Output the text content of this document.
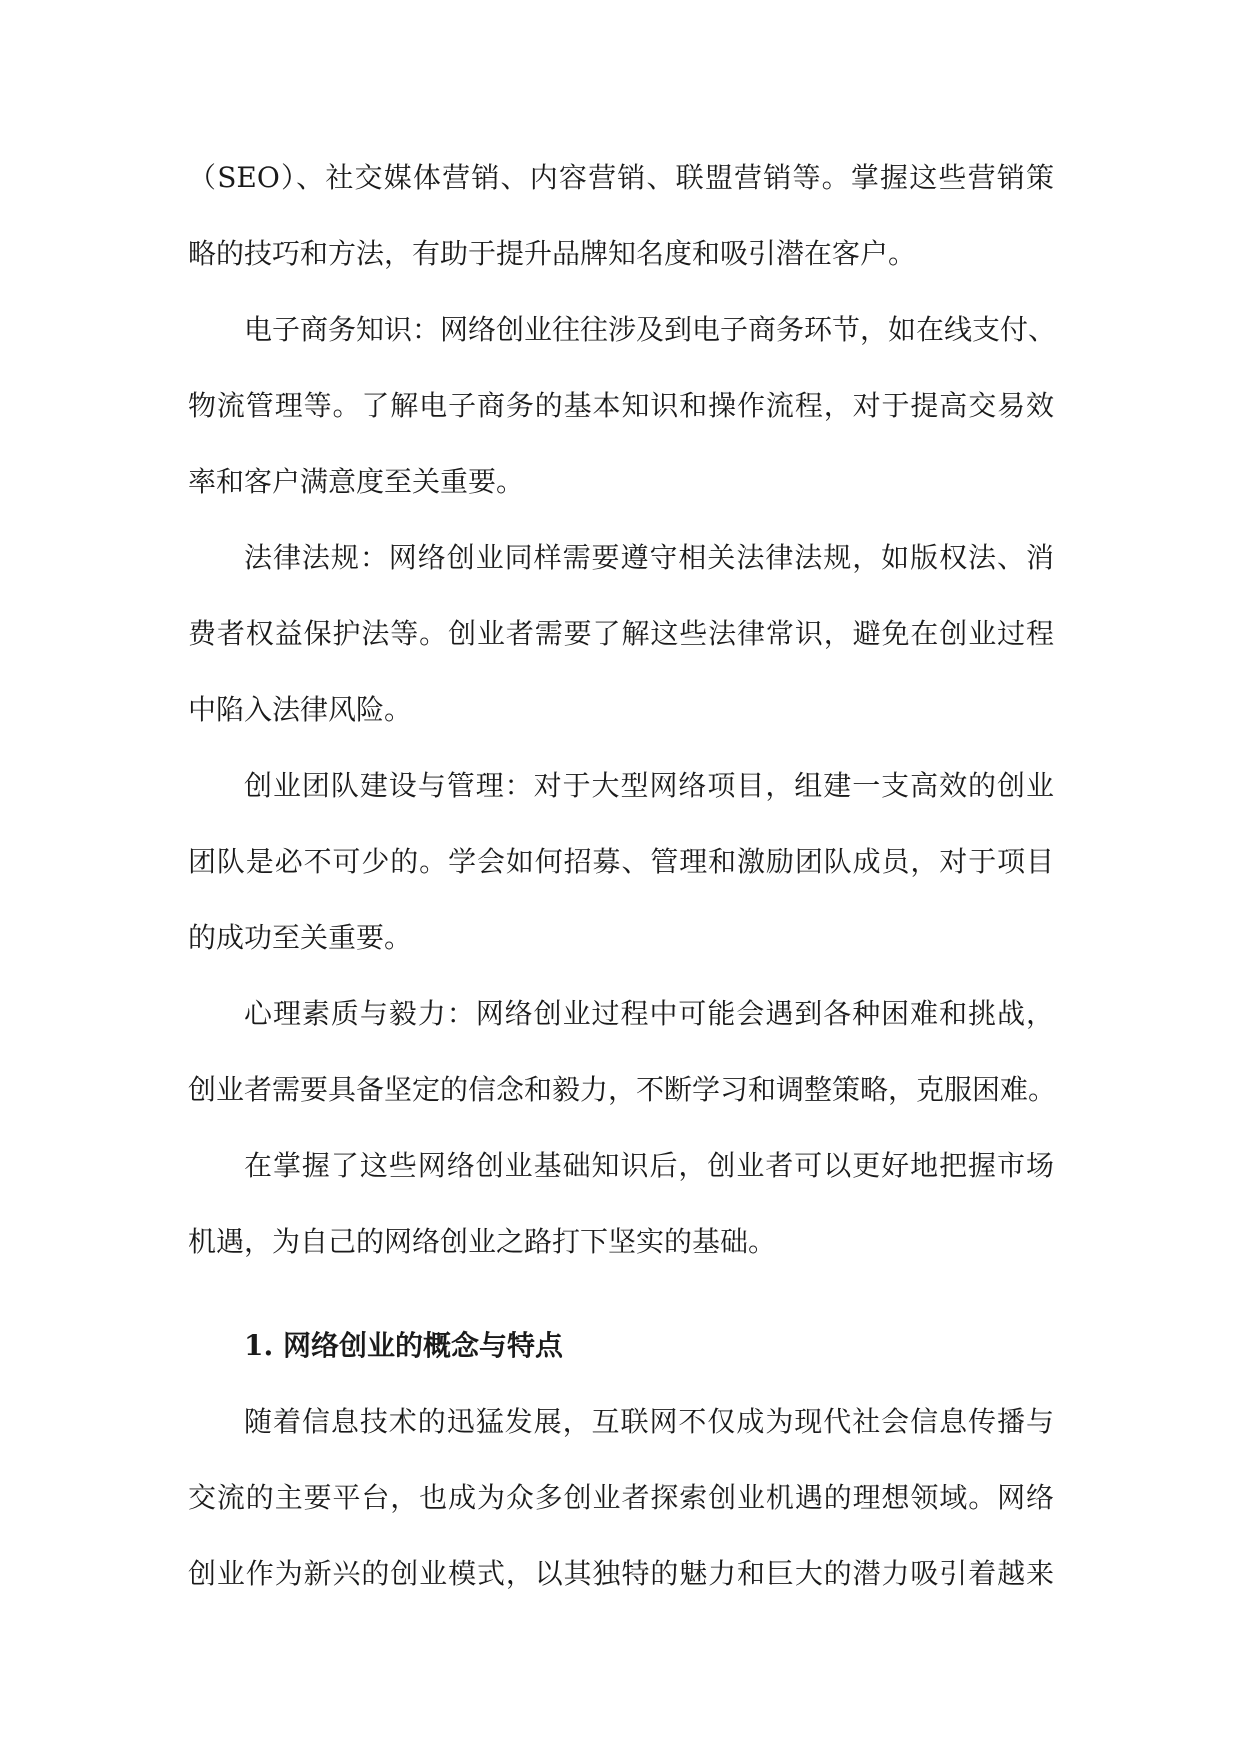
（SEO）、社交媒体营销、内容营销、联盟营销等。掌握这些营销策
略的技巧和方法，有助于提升品牌知名度和吸引潜在客户。
电子商务知识：网络创业往往涉及到电子商务环节，如在线支付、
物流管理等。了解电子商务的基本知识和操作流程，对于提高交易效
率和客户满意度至关重要。
法律法规：网络创业同样需要遵守相关法律法规，如版权法、消
费者权益保护法等。创业者需要了解这些法律常识，避免在创业过程
中陷入法律风险。
创业团队建设与管理：对于大型网络项目，组建一支高效的创业
团队是必不可少的。学会如何招募、管理和激励团队成员，对于项目
的成功至关重要。
心理素质与毅力：网络创业过程中可能会遇到各种困难和挑战，
创业者需要具备坚定的信念和毅力，不断学习和调整策略，克服困难。
在掌握了这些网络创业基础知识后，创业者可以更好地把握市场
机遇，为自己的网络创业之路打下坚实的基础。
1. 网络创业的概念与特点
随着信息技术的迅猛发展，互联网不仅成为现代社会信息传播与
交流的主要平台，也成为众多创业者探索创业机遇的理想领域。网络
创业作为新兴的创业模式，以其独特的魅力和巨大的潜力吸引着越来
